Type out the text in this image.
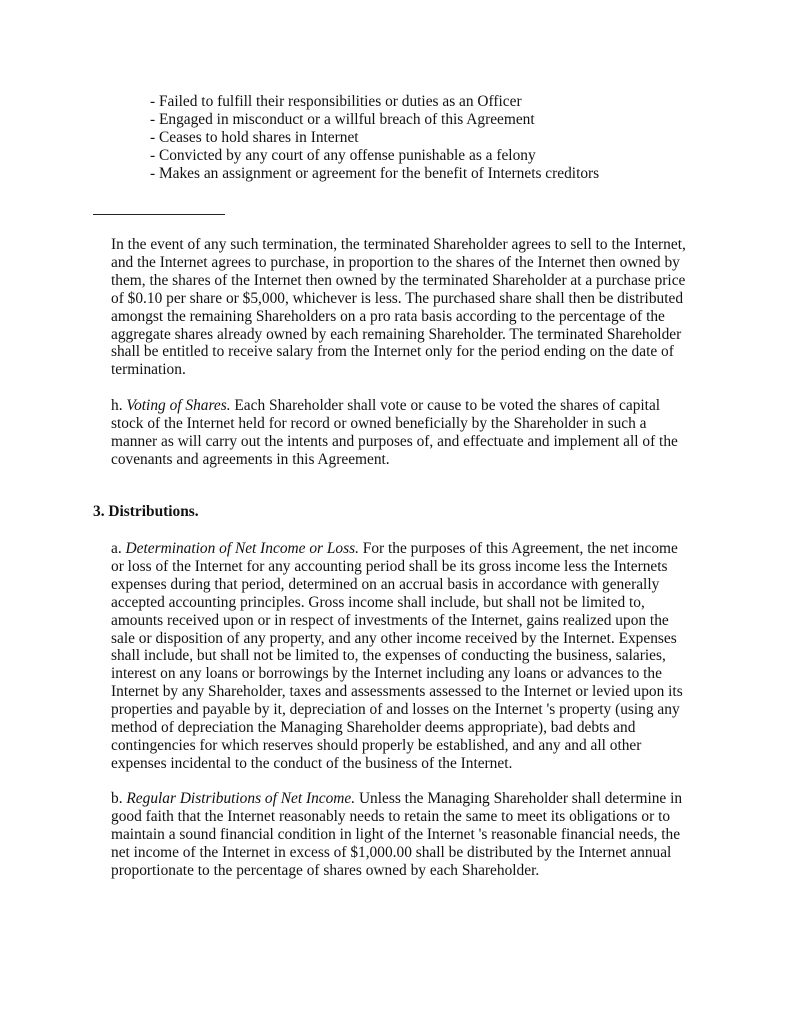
- Failed to fulfill their responsibilities or duties as an Officer
- Engaged in misconduct or a willful breach of this Agreement
- Ceases to hold shares in Internet
- Convicted by any court of any offense punishable as a felony
- Makes an assignment or agreement for the benefit of Internets creditors

In the event of any such termination, the terminated Shareholder agrees to sell to the Internet, and the Internet agrees to purchase, in proportion to the shares of the Internet then owned by them, the shares of the Internet then owned by the terminated Shareholder at a purchase price of $0.10 per share or $5,000, whichever is less. The purchased share shall then be distributed amongst the remaining Shareholders on a pro rata basis according to the percentage of the aggregate shares already owned by each remaining Shareholder. The terminated Shareholder shall be entitled to receive salary from the Internet only for the period ending on the date of termination.

h. Voting of Shares. Each Shareholder shall vote or cause to be voted the shares of capital stock of the Internet held for record or owned beneficially by the Shareholder in such a manner as will carry out the intents and purposes of, and effectuate and implement all of the covenants and agreements in this Agreement.

3. Distributions.

a. Determination of Net Income or Loss. For the purposes of this Agreement, the net income or loss of the Internet for any accounting period shall be its gross income less the Internets expenses during that period, determined on an accrual basis in accordance with generally accepted accounting principles. Gross income shall include, but shall not be limited to, amounts received upon or in respect of investments of the Internet, gains realized upon the sale or disposition of any property, and any other income received by the Internet. Expenses shall include, but shall not be limited to, the expenses of conducting the business, salaries, interest on any loans or borrowings by the Internet including any loans or advances to the Internet by any Shareholder, taxes and assessments assessed to the Internet or levied upon its properties and payable by it, depreciation of and losses on the Internet 's property (using any method of depreciation the Managing Shareholder deems appropriate), bad debts and contingencies for which reserves should properly be established, and any and all other expenses incidental to the conduct of the business of the Internet.

b. Regular Distributions of Net Income. Unless the Managing Shareholder shall determine in good faith that the Internet reasonably needs to retain the same to meet its obligations or to maintain a sound financial condition in light of the Internet 's reasonable financial needs, the net income of the Internet in excess of $1,000.00 shall be distributed by the Internet annual proportionate to the percentage of shares owned by each Shareholder.
